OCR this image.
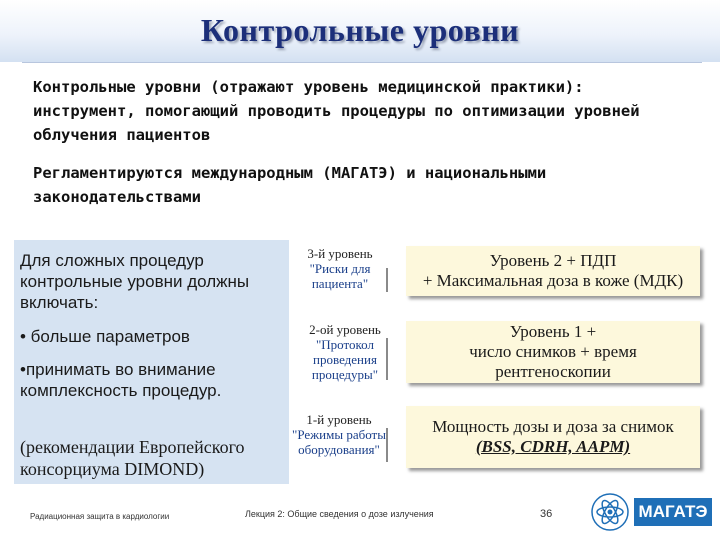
Контрольные уровни
Контрольные уровни (отражают уровень медицинской практики): инструмент, помогающий проводить процедуры по оптимизации уровней облучения пациентов
Регламентируются международным (МАГАТЭ) и национальными законодательствами
Для сложных процедур контрольные уровни должны включать:
• больше параметров
•принимать во внимание комплексность процедур.
(рекомендации Европейского консорциума DIMOND)
3-й уровень
"Риски для пациента"
2-ой уровень
"Протокол проведения процедуры"
1-й уровень
"Режимы работы оборудования"
Уровень 2 + ПДП
+ Максимальная доза в коже (МДК)
Уровень 1 +
число снимков + время
рентгеноскопии
Мощность дозы и доза за снимок
(BSS, CDRH, AAPM)
Радиационная защита в кардиологии	Лекция 2: Общие сведения о дозе излучения	36	МАГАТЭ
